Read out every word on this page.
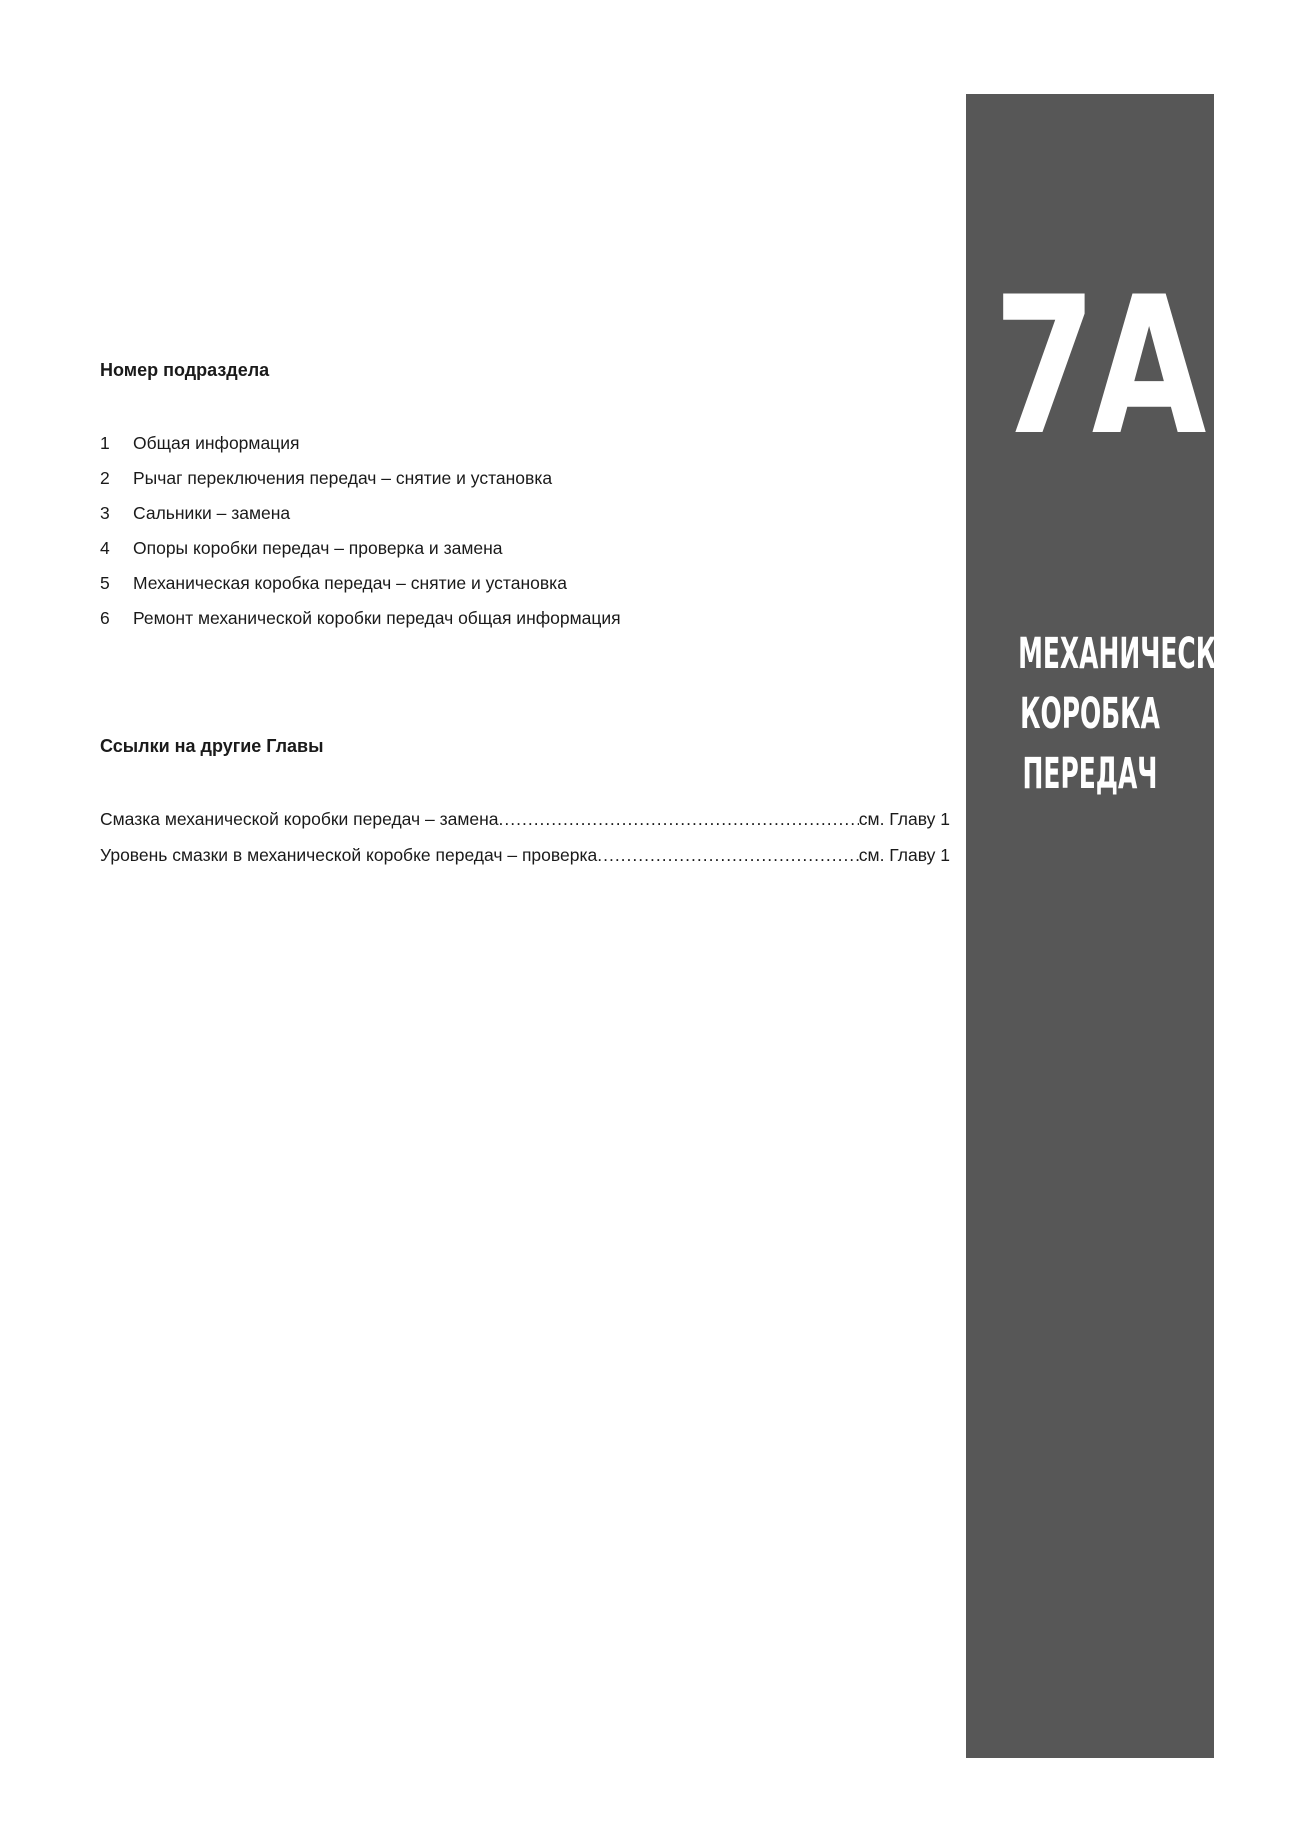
Номер подраздела
1	Общая информация
2	Рычаг переключения передач – снятие и установка
3	Сальники – замена
4	Опоры коробки передач – проверка и замена
5	Механическая коробка передач – снятие и установка
6	Ремонт механической коробки передач общая информация
Ссылки на другие Главы
Смазка механической коробки передач – замена .....	см. Главу 1
Уровень смазки в механической коробке передач – проверка .....	см. Главу 1
7A
МЕХАНИЧЕСКАЯ
КОРОБКА
ПЕРЕДАЧ
